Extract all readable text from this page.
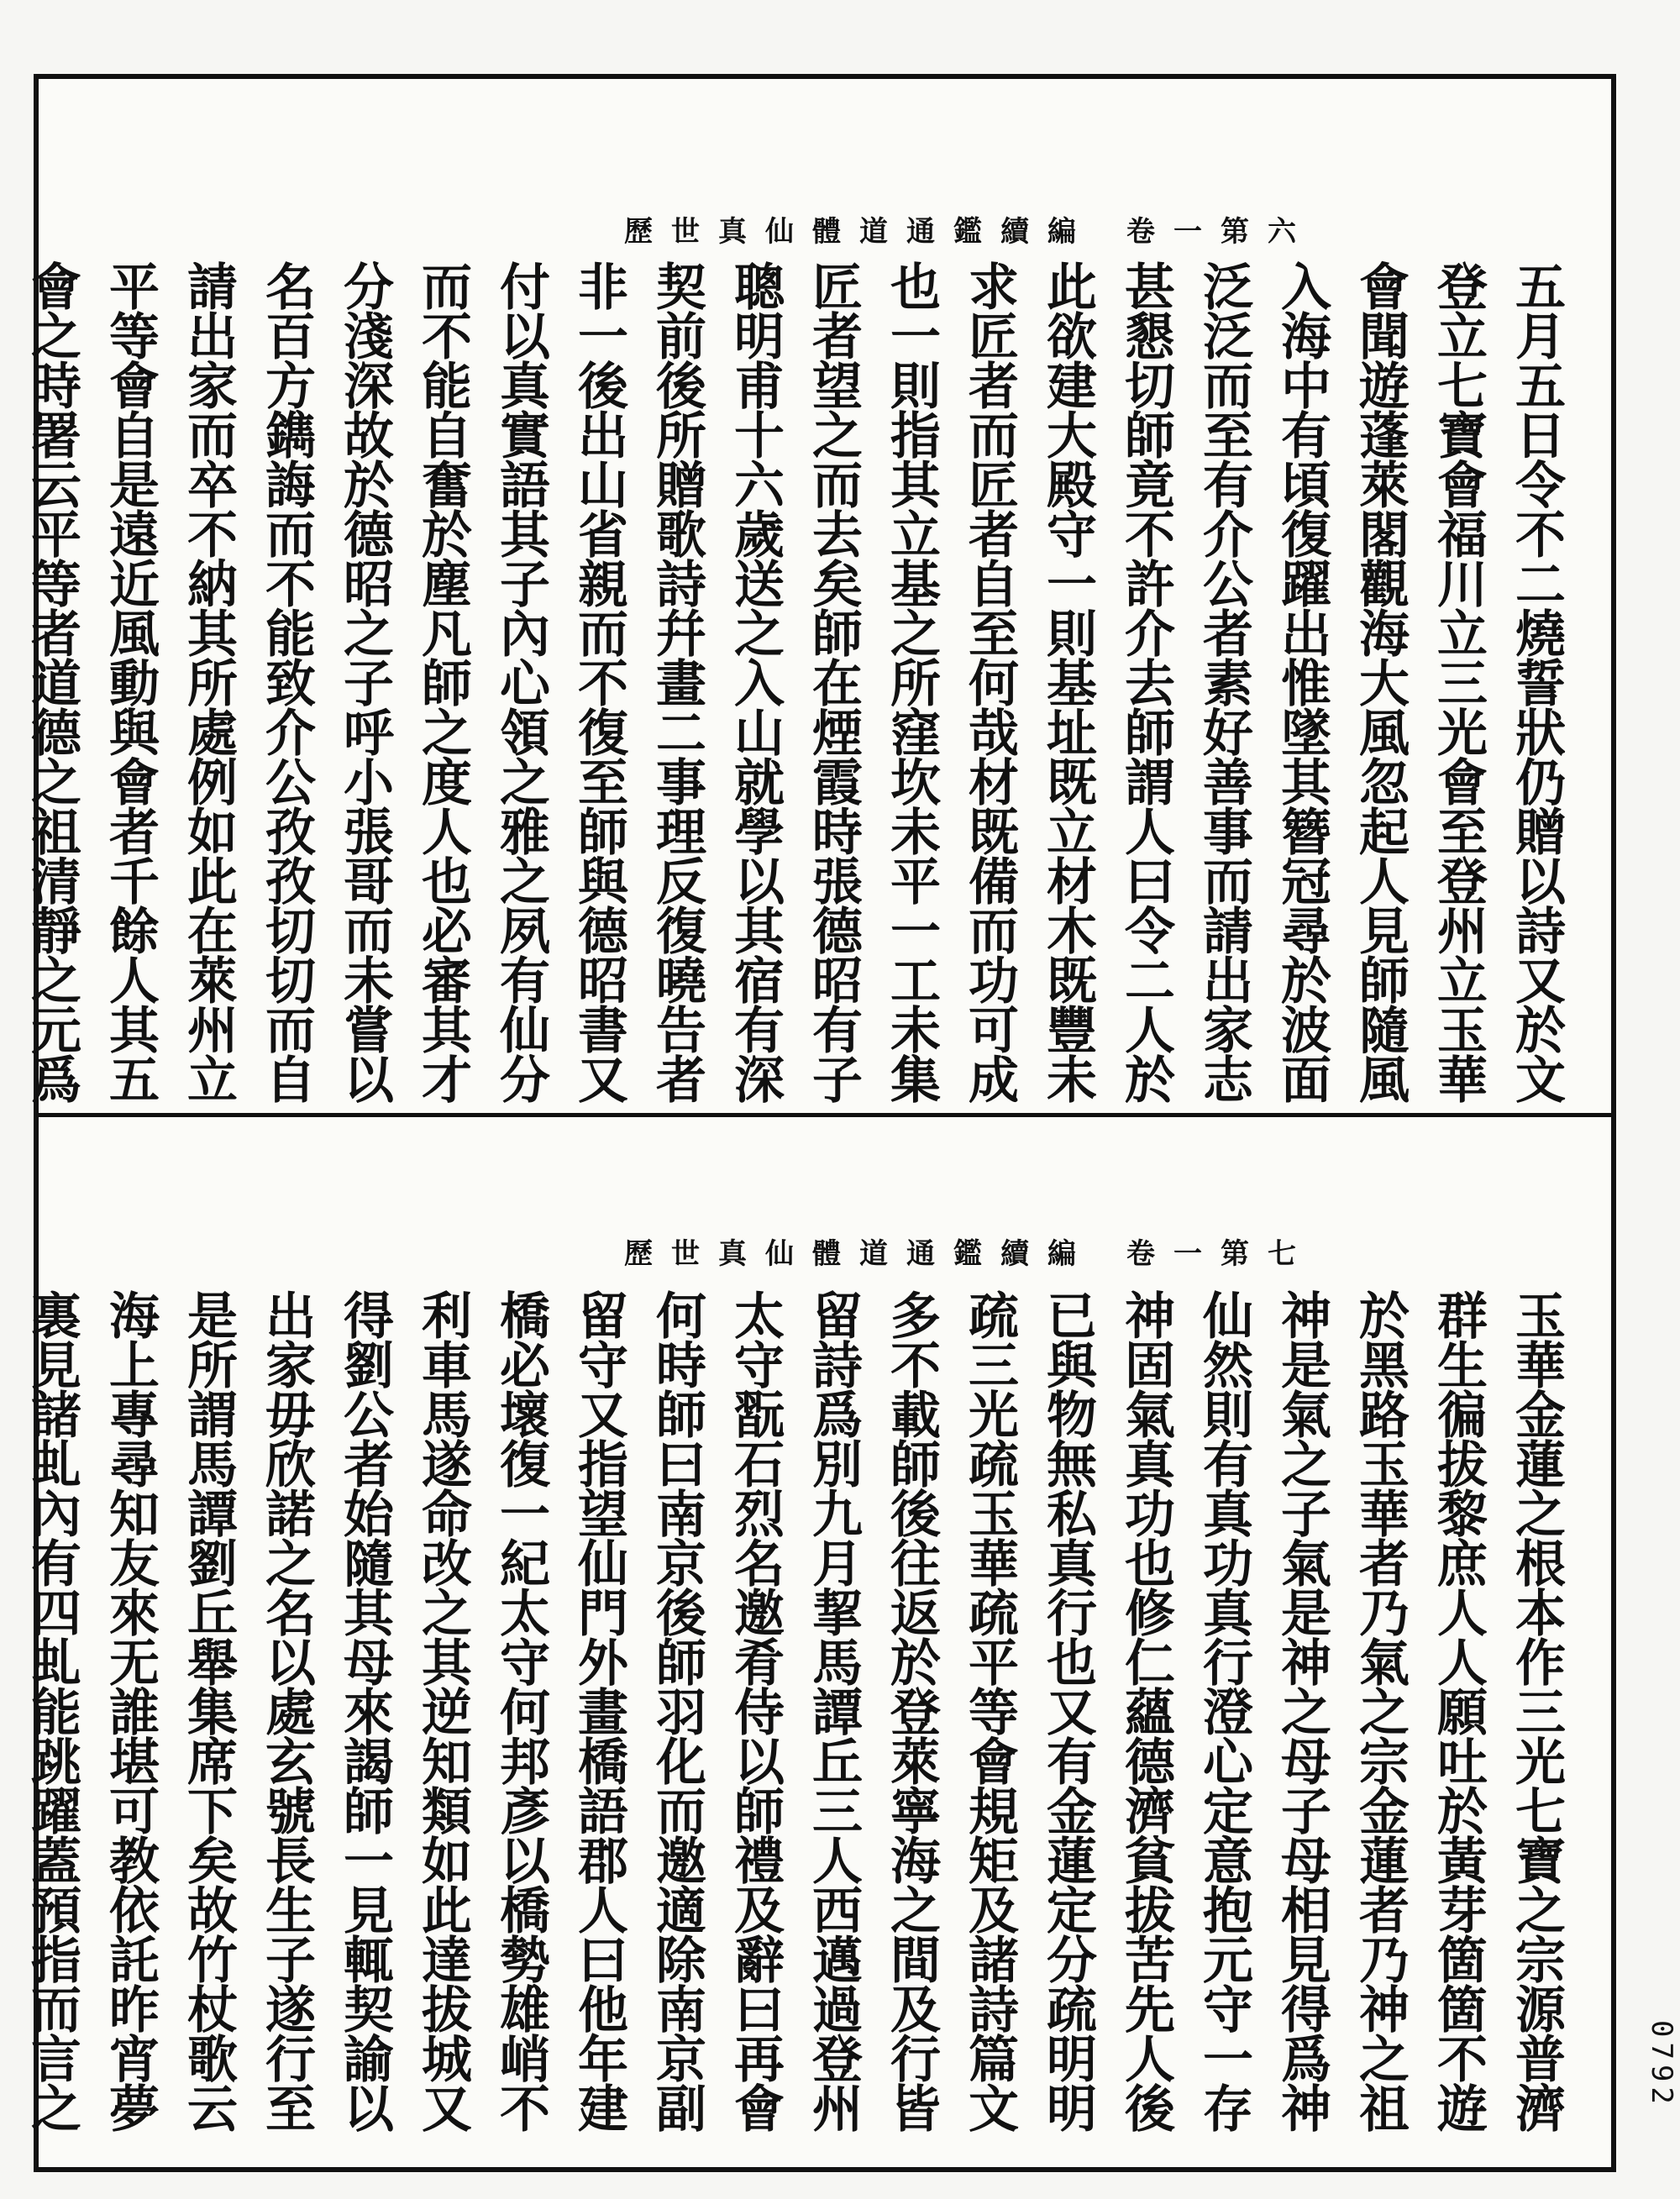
歷世真仙體道通鑑續編 卷一第六
五月五日令不二燒誓狀仍贈以詩又於文
登立七寶會福川立三光會至登州立玉華
會聞遊蓬萊閣觀海大風忽起人見師隨風
入海中有頃復躍出惟墜其簪冠尋於波面
泛泛而至有介公者素好善事而請出家志
甚懇切師竟不許介去師謂人曰令二人於
此欲建大殿守一則基址既立材木既豐未
求匠者而匠者自至何哉材既備而功可成
也一則指其立基之所窪坎未平一工未集
匠者望之而去矣師在煙霞時張德昭有子
聰明甫十六歲送之入山就學以其宿有深
契前後所贈歌詩幷畫二事理反復曉告者
非一後出山省親而不復至師與德昭書又
付以真實語其子內心領之雅之夙有仙分
而不能自奮於塵凡師之度人也必審其才
分淺深故於德昭之子呼小張哥而未嘗以
名百方鐫誨而不能致介公孜孜切切而自
請出家而卒不納其所處例如此在萊州立
平等會自是遠近風動與會者千餘人其五
會之時署云平等者道德之祖清靜之元爲
歷世真仙體道通鑑續編 卷一第七
玉華金蓮之根本作三光七寶之宗源普濟
群生徧拔黎庶人人願吐於黃芽箇箇不遊
於黑路玉華者乃氣之宗金蓮者乃神之祖
神是氣之子氣是神之母子母相見得爲神
仙然則有真功真行澄心定意抱元守一存
神固氣真功也修仁蘊德濟貧拔苦先人後
已與物無私真行也又有金蓮定分疏明明
疏三光疏玉華疏平等會規矩及諸詩篇文
多不載師後往返於登萊寧海之間及行皆
留詩爲別九月挈馬譚丘三人西邁過登州
太守翫石烈名邀肴侍以師禮及辭曰再會
何時師曰南京後師羽化而邀適除南京副
留守又指望仙門外畫橋語郡人曰他年建
橋必壞復一紀太守何邦彥以橋勢雄峭不
利車馬遂命改之其逆知類如此達拔城又
得劉公者始隨其母來謁師一見輒契諭以
出家毋欣諾之名以處玄號長生子遂行至
是所謂馬譚劉丘舉集席下矣故竹杖歌云
海上專尋知友來无誰堪可教依託昨宵夢
裏見諸虬內有四虬能跳躍蓋預指而言之	0792
